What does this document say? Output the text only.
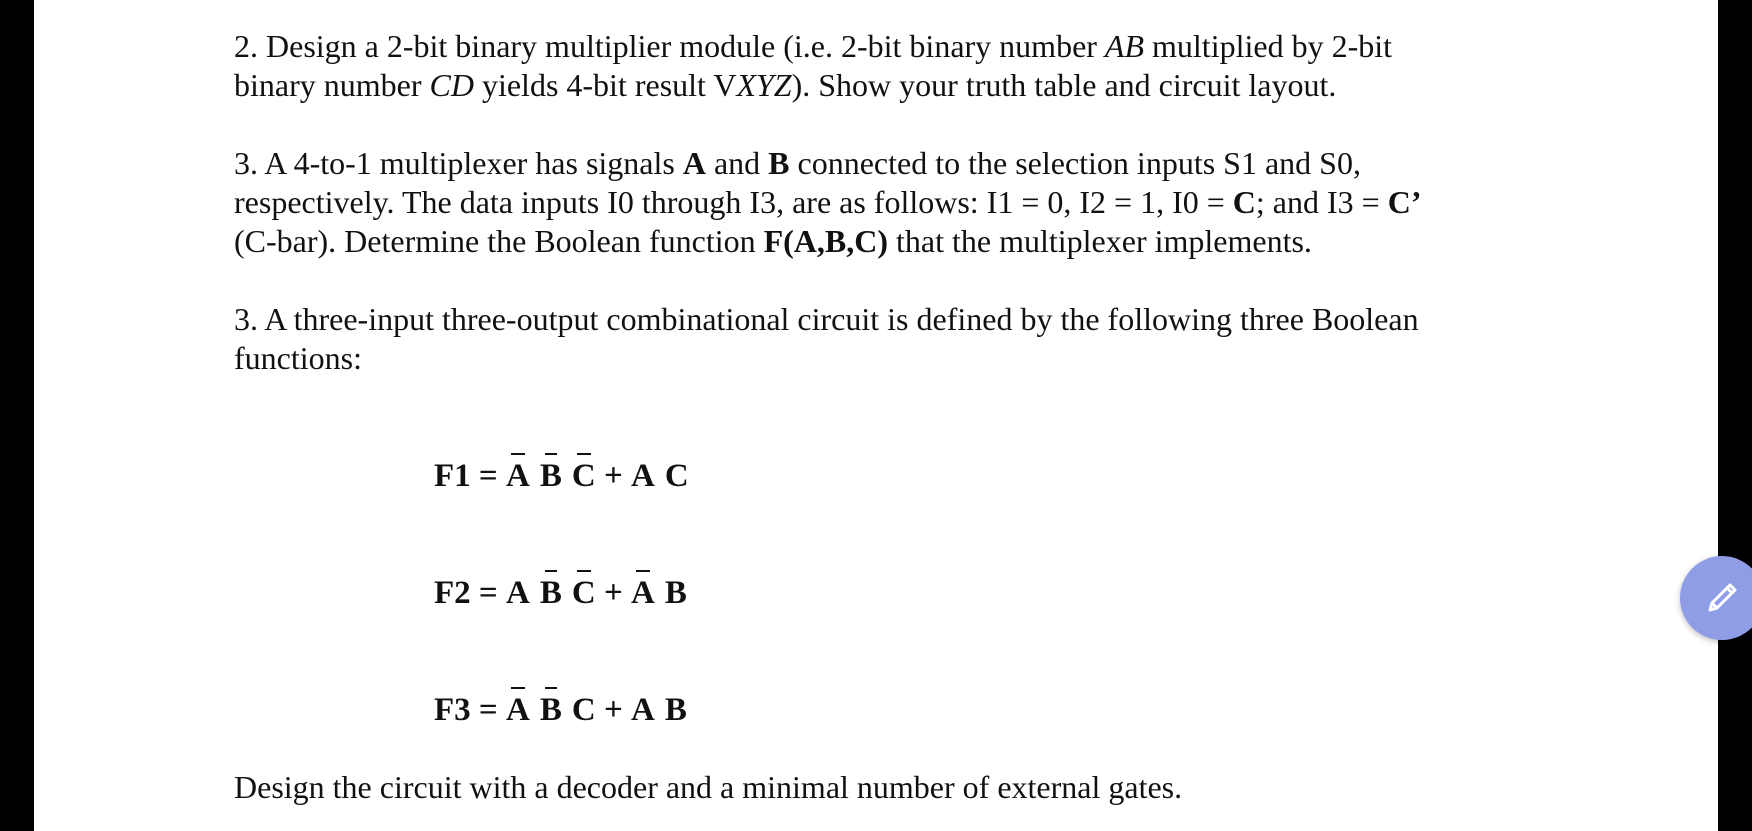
2. Design a 2-bit binary multiplier module (i.e. 2-bit binary number AB multiplied by 2-bit
binary number CD yields 4-bit result VXYZ). Show your truth table and circuit layout.

3. A 4-to-1 multiplexer has signals A and B connected to the selection inputs S1 and S0,
respectively. The data inputs I0 through I3, are as follows: I1 = 0, I2 = 1, I0 = C; and I3 = C’
(C-bar). Determine the Boolean function F(A,B,C) that the multiplexer implements.

3. A three-input three-output combinational circuit is defined by the following three Boolean
functions:

F1 = A B C + A C
F2 = A B C + A B
F3 = A B C + A B

Design the circuit with a decoder and a minimal number of external gates.
